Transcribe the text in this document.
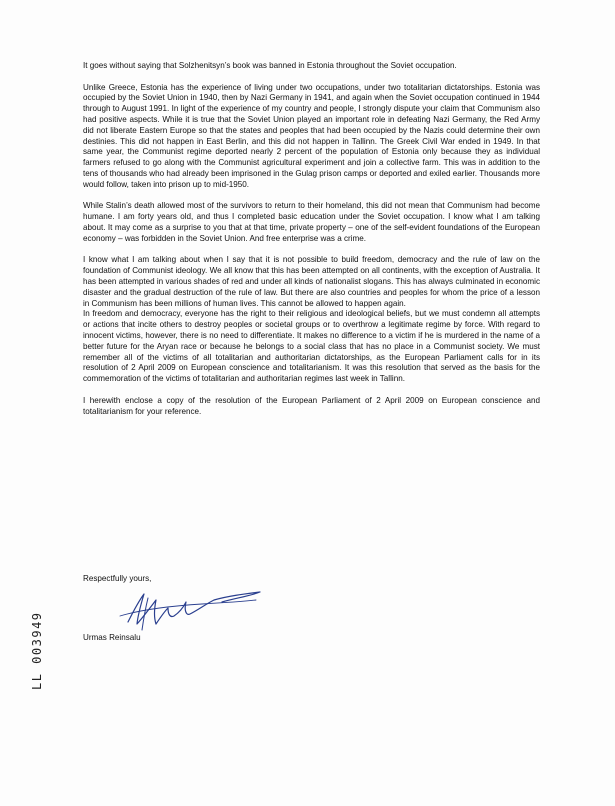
It goes without saying that Solzhenitsyn’s book was banned in Estonia throughout the Soviet occupation.

Unlike Greece, Estonia has the experience of living under two occupations, under two totalitarian dictatorships. Estonia was occupied by the Soviet Union in 1940, then by Nazi Germany in 1941, and again when the Soviet occupation continued in 1944 through to August 1991. In light of the experience of my country and people, I strongly dispute your claim that Communism also had positive aspects. While it is true that the Soviet Union played an important role in defeating Nazi Germany, the Red Army did not liberate Eastern Europe so that the states and peoples that had been occupied by the Nazis could determine their own destinies. This did not happen in East Berlin, and this did not happen in Tallinn. The Greek Civil War ended in 1949. In that same year, the Communist regime deported nearly 2 percent of the population of Estonia only because they as individual farmers refused to go along with the Communist agricultural experiment and join a collective farm. This was in addition to the tens of thousands who had already been imprisoned in the Gulag prison camps or deported and exiled earlier. Thousands more would follow, taken into prison up to mid-1950.

While Stalin’s death allowed most of the survivors to return to their homeland, this did not mean that Communism had become humane. I am forty years old, and thus I completed basic education under the Soviet occupation. I know what I am talking about. It may come as a surprise to you that at that time, private property – one of the self-evident foundations of the European economy – was forbidden in the Soviet Union. And free enterprise was a crime.

I know what I am talking about when I say that it is not possible to build freedom, democracy and the rule of law on the foundation of Communist ideology. We all know that this has been attempted on all continents, with the exception of Australia. It has been attempted in various shades of red and under all kinds of nationalist slogans. This has always culminated in economic disaster and the gradual destruction of the rule of law. But there are also countries and peoples for whom the price of a lesson in Communism has been millions of human lives. This cannot be allowed to happen again.

In freedom and democracy, everyone has the right to their religious and ideological beliefs, but we must condemn all attempts or actions that incite others to destroy peoples or societal groups or to overthrow a legitimate regime by force. With regard to innocent victims, however, there is no need to differentiate. It makes no difference to a victim if he is murdered in the name of a better future for the Aryan race or because he belongs to a social class that has no place in a Communist society. We must remember all of the victims of all totalitarian and authoritarian dictatorships, as the European Parliament calls for in its resolution of 2 April 2009 on European conscience and totalitarianism. It was this resolution that served as the basis for the commemoration of the victims of totalitarian and authoritarian regimes last week in Tallinn.

I herewith enclose a copy of the resolution of the European Parliament of 2 April 2009 on European conscience and totalitarianism for your reference.

Respectfully yours,
Urmas Reinsalu
LL 003949
